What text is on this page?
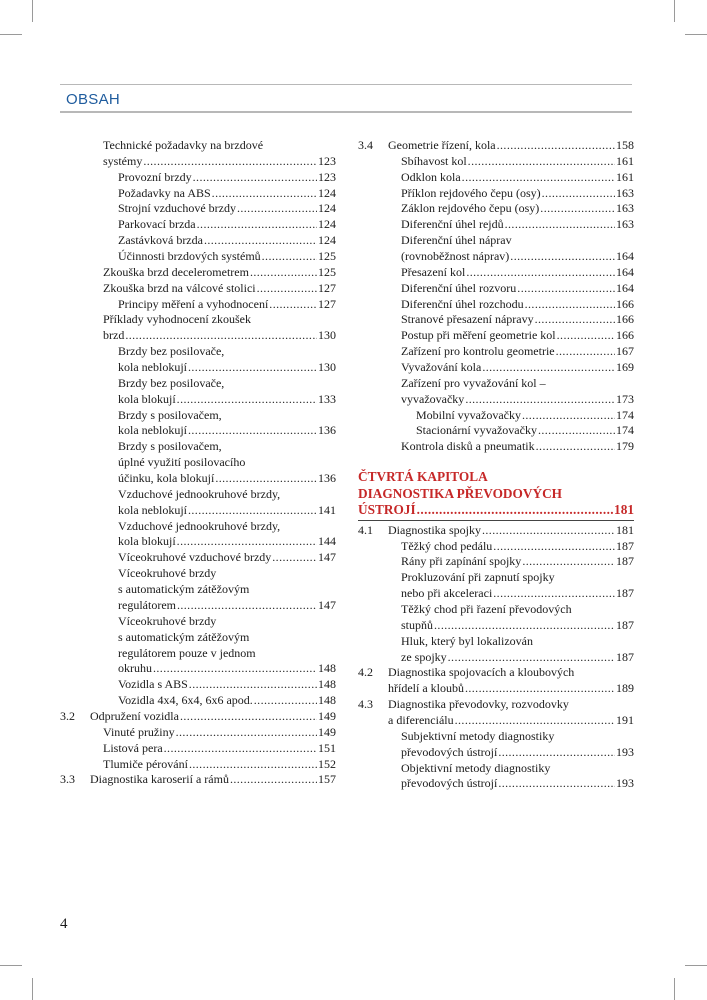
OBSAH
Technické požadavky na brzdové
systémy .....	123
Provozní brzdy .....	123
Požadavky na ABS .....	124
Strojní vzduchové brzdy .....	124
Parkovací brzda .....	124
Zastávková brzda .....	124
Účinnosti brzdových systémů .....	125
Zkouška brzd decelerometrem .....	125
Zkouška brzd na válcové stolici .....	127
Principy měření a vyhodnocení .....	127
Příklady vyhodnocení zkoušek
brzd .....	130
Brzdy bez posilovače,
kola neblokují .....	130
Brzdy bez posilovače,
kola blokují .....	133
Brzdy s posilovačem,
kola neblokují .....	136
Brzdy s posilovačem,
úplné využití posilovacího
účinku, kola blokují .....	136
Vzduchové jednookruhové brzdy,
kola neblokují .....	141
Vzduchové jednookruhové brzdy,
kola blokují .....	144
Víceokruhové vzduchové brzdy .....	147
Víceokruhové brzdy
s automatickým zátěžovým
regulátorem .....	147
Víceokruhové brzdy
s automatickým zátěžovým
regulátorem pouze v jednom
okruhu .....	148
Vozidla s ABS .....	148
Vozidla 4x4, 6x4, 6x6 apod. .....	148
3.2 Odpružení vozidla .....	149
Vinuté pružiny .....	149
Listová pera .....	151
Tlumiče pérování .....	152
3.3 Diagnostika karoserií a rámů .....	157
3.4 Geometrie řízení, kola .....	158
Sbíhavost kol .....	161
Odklon kola .....	161
Příklon rejdového čepu (osy) .....	163
Záklon rejdového čepu (osy) .....	163
Diferenční úhel rejdů .....	163
Diferenční úhel náprav
(rovnoběžnost náprav) .....	164
Přesazení kol .....	164
Diferenční úhel rozvoru .....	164
Diferenční úhel rozchodu .....	166
Stranové přesazení nápravy .....	166
Postup při měření geometrie kol .....	166
Zařízení pro kontrolu geometrie .....	167
Vyvažování kola .....	169
Zařízení pro vyvažování kol –
vyvažovačky .....	173
Mobilní vyvažovačky .....	174
Stacionární vyvažovačky .....	174
Kontrola disků a pneumatik .....	179
ČTVRTÁ KAPITOLA
DIAGNOSTIKA PŘEVODOVÝCH
ÚSTROJÍ .....	181
4.1 Diagnostika spojky .....	181
Těžký chod pedálu .....	187
Rány při zapínání spojky .....	187
Prokluzování při zapnutí spojky
nebo při akceleraci .....	187
Těžký chod při řazení převodových
stupňů .....	187
Hluk, který byl lokalizován
ze spojky .....	187
4.2 Diagnostika spojovacích a kloubových
hřídelí a kloubů .....	189
4.3 Diagnostika převodovky, rozvodovky
a diferenciálu .....	191
Subjektivní metody diagnostiky
převodových ústrojí .....	193
Objektivní metody diagnostiky
převodových ústrojí .....	193
4
